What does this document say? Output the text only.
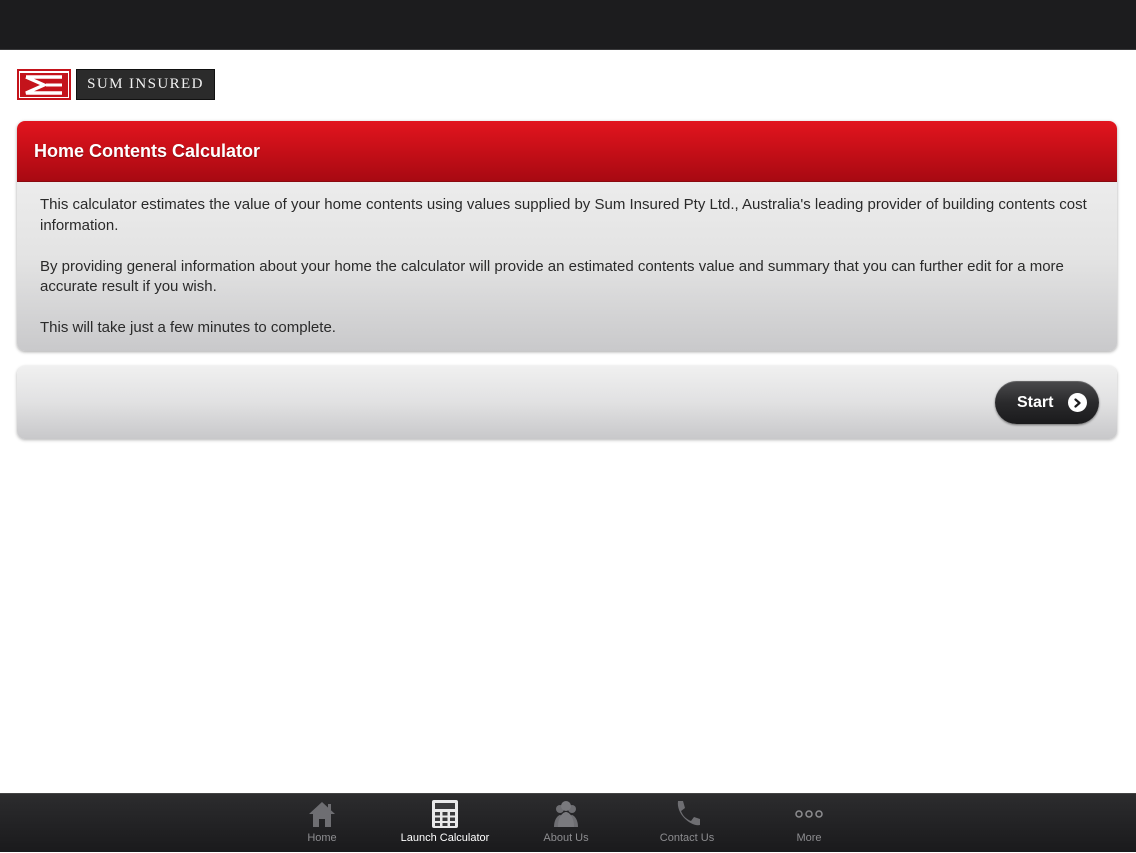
SUM INSURED
Home Contents Calculator

This calculator estimates the value of your home contents using values supplied by Sum Insured Pty Ltd., Australia's leading provider of building contents cost information.

By providing general information about your home the calculator will provide an estimated contents value and summary that you can further edit for a more accurate result if you wish.

This will take just a few minutes to complete.

Start
Home	Launch Calculator	About Us	Contact Us	More
